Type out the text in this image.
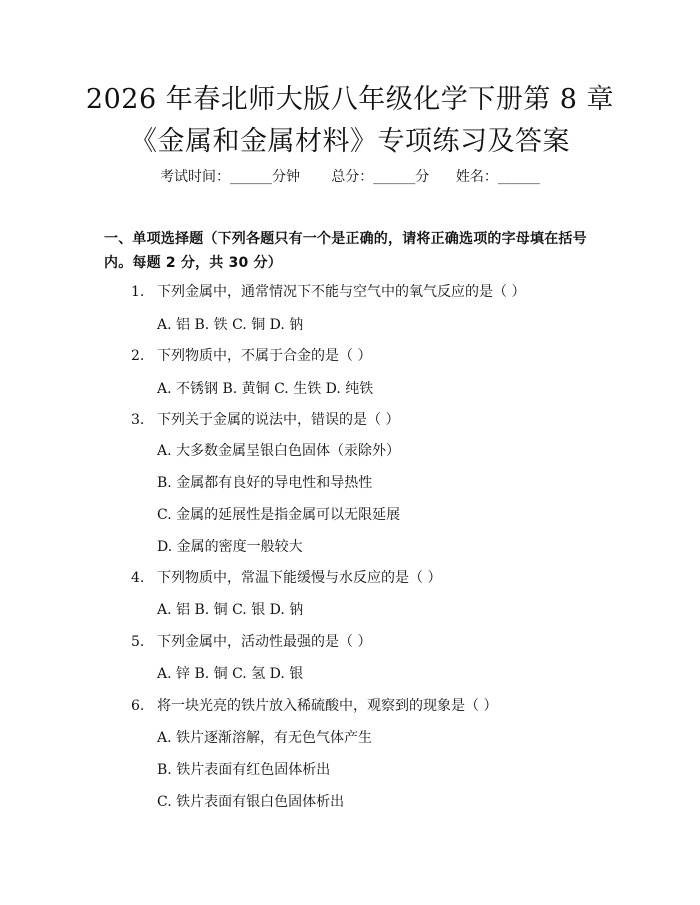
2026 年春北师大版八年级化学下册第 8 章
《金属和金属材料》专项练习及答案
考试时间：______分钟 总分：______分 姓名：______
一、单项选择题（下列各题只有一个是正确的，请将正确选项的字母填在括号
内。每题 2 分，共 30 分）
1. 下列金属中，通常情况下不能与空气中的氧气反应的是（ ）
A. 铝 B. 铁 C. 铜 D. 钠
2. 下列物质中，不属于合金的是（ ）
A. 不锈钢 B. 黄铜 C. 生铁 D. 纯铁
3. 下列关于金属的说法中，错误的是（ ）
A. 大多数金属呈银白色固体（汞除外）
B. 金属都有良好的导电性和导热性
C. 金属的延展性是指金属可以无限延展
D. 金属的密度一般较大
4. 下列物质中，常温下能缓慢与水反应的是（ ）
A. 铝 B. 铜 C. 银 D. 钠
5. 下列金属中，活动性最强的是（ ）
A. 锌 B. 铜 C. 氢 D. 银
6. 将一块光亮的铁片放入稀硫酸中，观察到的现象是（ ）
A. 铁片逐渐溶解，有无色气体产生
B. 铁片表面有红色固体析出
C. 铁片表面有银白色固体析出
